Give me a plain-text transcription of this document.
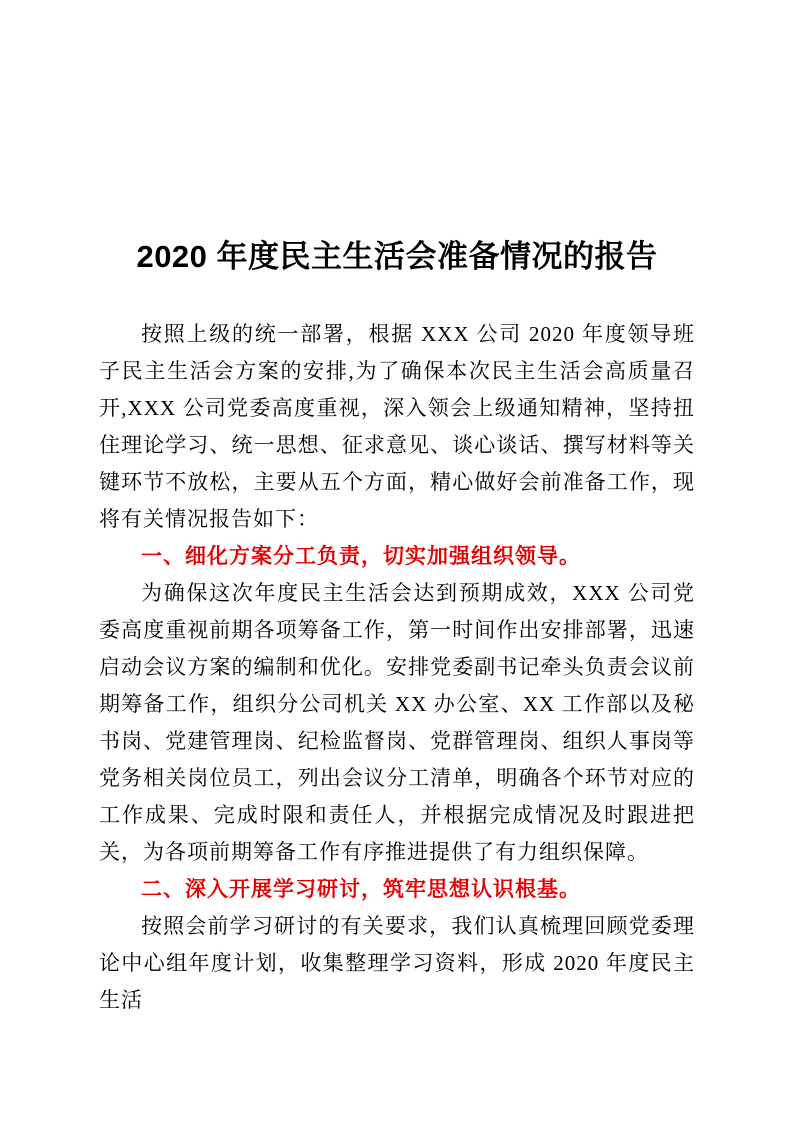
2020 年度民主生活会准备情况的报告

按照上级的统一部署，根据 XXX 公司 2020 年度领导班子民主生活会方案的安排,为了确保本次民主生活会高质量召开,XXX 公司党委高度重视，深入领会上级通知精神，坚持扭住理论学习、统一思想、征求意见、谈心谈话、撰写材料等关键环节不放松，主要从五个方面，精心做好会前准备工作，现将有关情况报告如下：

一、细化方案分工负责，切实加强组织领导。

为确保这次年度民主生活会达到预期成效，XXX 公司党委高度重视前期各项筹备工作，第一时间作出安排部署，迅速启动会议方案的编制和优化。安排党委副书记牵头负责会议前期筹备工作，组织分公司机关 XX 办公室、XX 工作部以及秘书岗、党建管理岗、纪检监督岗、党群管理岗、组织人事岗等党务相关岗位员工，列出会议分工清单，明确各个环节对应的工作成果、完成时限和责任人，并根据完成情况及时跟进把关，为各项前期筹备工作有序推进提供了有力组织保障。

二、深入开展学习研讨，筑牢思想认识根基。

按照会前学习研讨的有关要求，我们认真梳理回顾党委理论中心组年度计划，收集整理学习资料，形成 2020 年度民主生活
